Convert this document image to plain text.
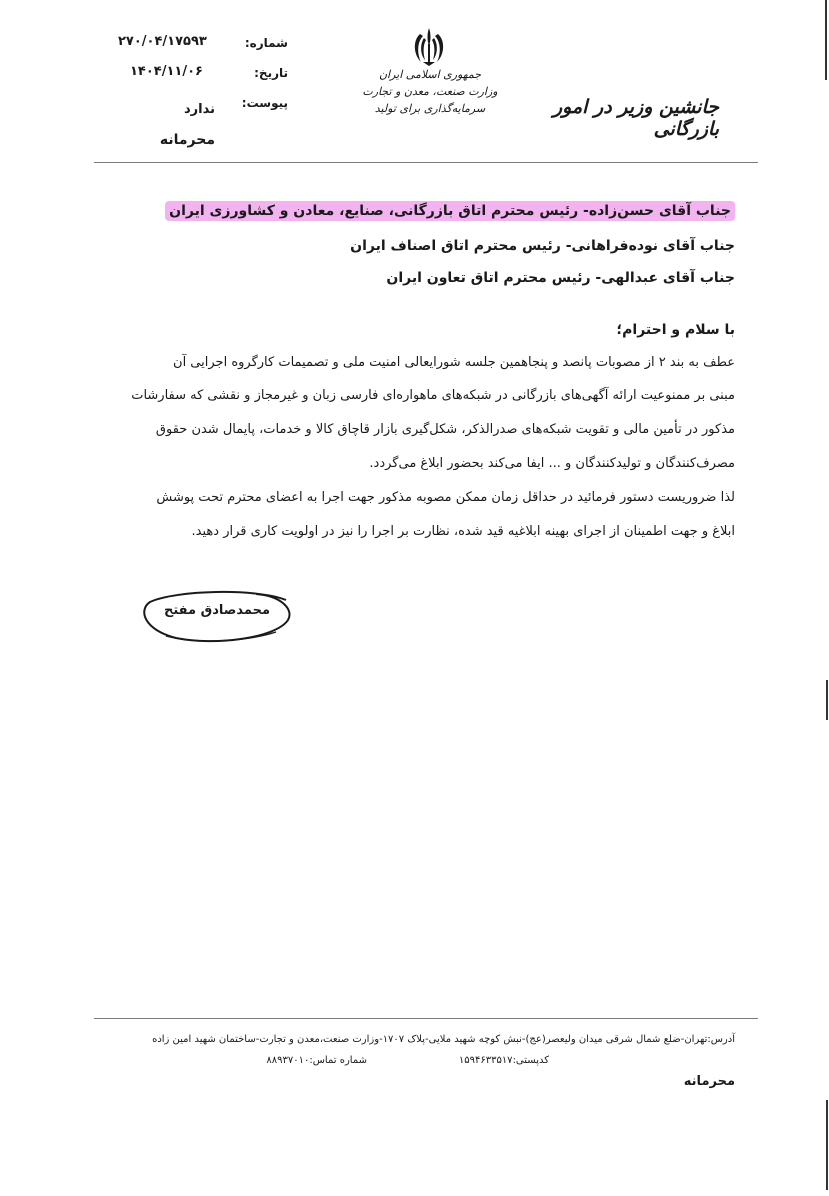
شماره:
۲۷۰/۰۴/۱۷۵۹۳
تاریخ:
۱۴۰۴/۱۱/۰۶
پیوست:
ندارد
محرمانه
جمهوری اسلامی ایران
وزارت صنعت، معدن و تجارت
سرمایه‌گذاری برای تولید	جانشین وزیر در امور بازرگانی
جناب آقای حسن‌زاده- رئیس محترم اتاق بازرگانی، صنایع، معادن و کشاورزی ایران
جناب آقای نوده‌فراهانی- رئیس محترم اتاق اصناف ایران
جناب آقای عبدالهی- رئیس محترم اتاق تعاون ایران
با سلام و احترام؛
عطف به بند ۲ از مصوبات پانصد و پنجاهمین جلسه شورایعالی امنیت ملی و تصمیمات کارگروه اجرایی آن
مبنی بر ممنوعیت ارائه آگهی‌های بازرگانی در شبکه‌های ماهواره‌ای فارسی زبان و غیرمجاز و نقشی که سفارشات
مذکور در تأمین مالی و تقویت شبکه‌های صدرالذکر، شکل‌گیری بازار قاچاق کالا و خدمات، پایمال شدن حقوق
مصرف‌کنندگان و تولیدکنندگان و ... ایفا می‌کند بحضور ابلاغ می‌گردد.
لذا ضروریست دستور فرمائید در حداقل زمان ممکن مصوبه مذکور جهت اجرا به اعضای محترم تحت پوشش
ابلاغ و جهت اطمینان از اجرای بهینه ابلاغیه قید شده، نظارت بر اجرا را نیز در اولویت کاری قرار دهید.
محمدصادق مفتح
آدرس:تهران-ضلع شمال شرقی میدان ولیعصر(عج)-نبش کوچه شهید ملایی-پلاک ۱۷۰۷-وزارت صنعت،معدن و تجارت-ساختمان شهید امین زاده
کدپستی:۱۵۹۴۶۳۳۵۱۷
شماره تماس:۸۸۹۳۷۰۱۰
محرمانه
